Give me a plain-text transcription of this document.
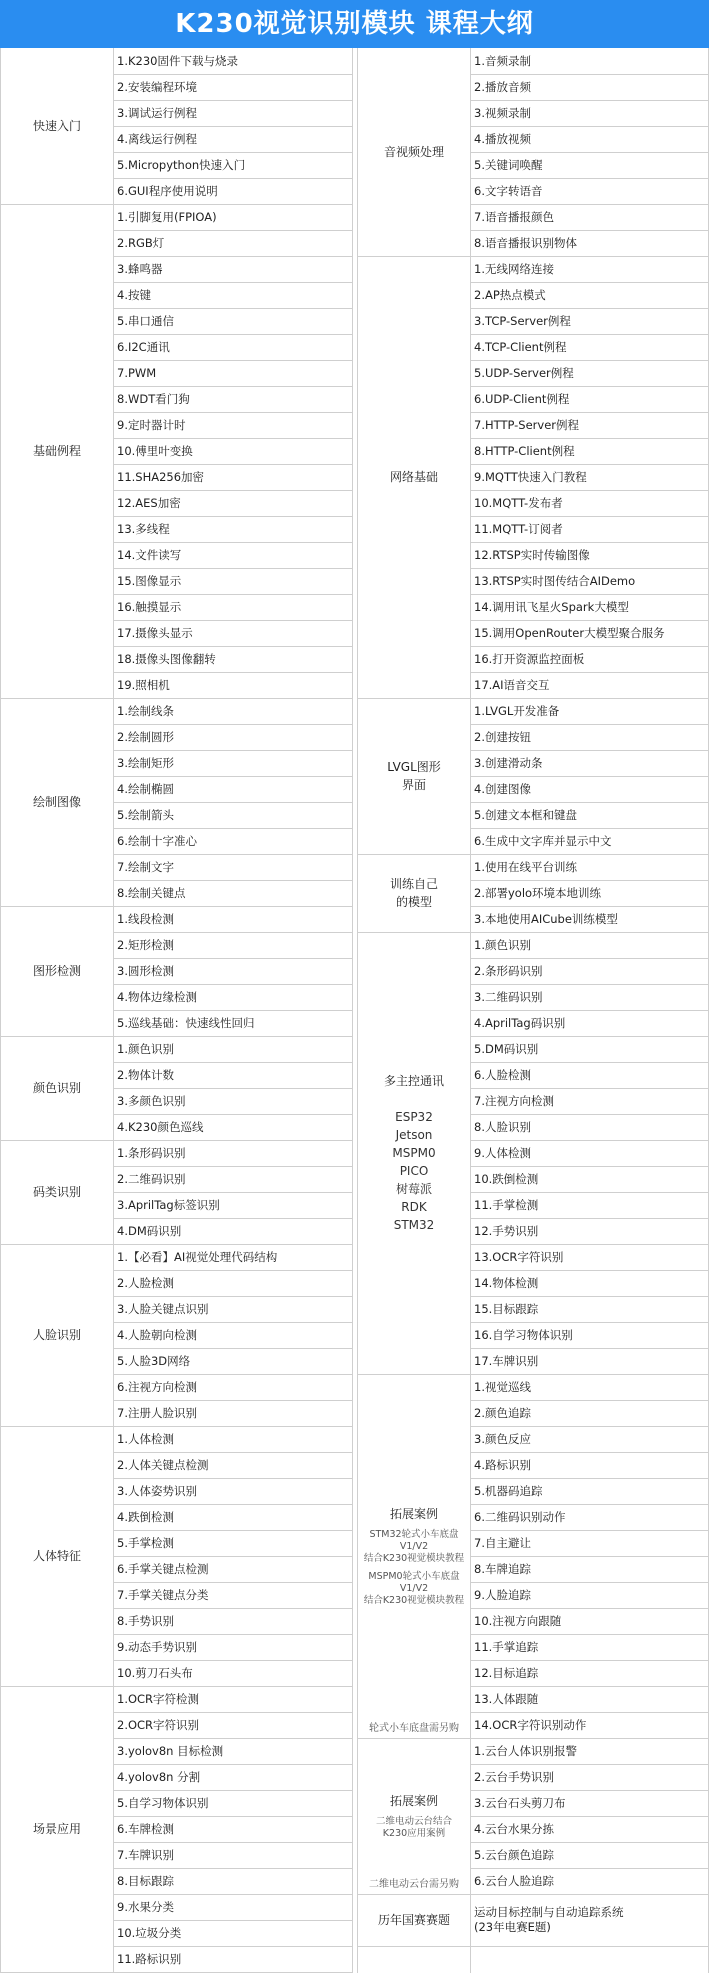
K230视觉识别模块 课程大纲
快速入门
1.K230固件下载与烧录
2.安装编程环境
3.调试运行例程
4.离线运行例程
5.Micropython快速入门
6.GUI程序使用说明
基础例程
1.引脚复用(FPIOA)
2.RGB灯
3.蜂鸣器
4.按键
5.串口通信
6.I2C通讯
7.PWM
8.WDT看门狗
9.定时器计时
10.傅里叶变换
11.SHA256加密
12.AES加密
13.多线程
14.文件读写
15.图像显示
16.触摸显示
17.摄像头显示
18.摄像头图像翻转
19.照相机
绘制图像
1.绘制线条
2.绘制圆形
3.绘制矩形
4.绘制椭圆
5.绘制箭头
6.绘制十字准心
7.绘制文字
8.绘制关键点
图形检测
1.线段检测
2.矩形检测
3.圆形检测
4.物体边缘检测
5.巡线基础：快速线性回归
颜色识别
1.颜色识别
2.物体计数
3.多颜色识别
4.K230颜色巡线
码类识别
1.条形码识别
2.二维码识别
3.AprilTag标签识别
4.DM码识别
人脸识别
1.【必看】AI视觉处理代码结构
2.人脸检测
3.人脸关键点识别
4.人脸朝向检测
5.人脸3D网络
6.注视方向检测
7.注册人脸识别
人体特征
1.人体检测
2.人体关键点检测
3.人体姿势识别
4.跌倒检测
5.手掌检测
6.手掌关键点检测
7.手掌关键点分类
8.手势识别
9.动态手势识别
10.剪刀石头布
场景应用
1.OCR字符检测
2.OCR字符识别
3.yolov8n 目标检测
4.yolov8n 分割
5.自学习物体识别
6.车牌检测
7.车牌识别
8.目标跟踪
9.水果分类
10.垃圾分类
11.路标识别
音视频处理
1.音频录制
2.播放音频
3.视频录制
4.播放视频
5.关键词唤醒
6.文字转语音
7.语音播报颜色
8.语音播报识别物体
网络基础
1.无线网络连接
2.AP热点模式
3.TCP-Server例程
4.TCP-Client例程
5.UDP-Server例程
6.UDP-Client例程
7.HTTP-Server例程
8.HTTP-Client例程
9.MQTT快速入门教程
10.MQTT-发布者
11.MQTT-订阅者
12.RTSP实时传输图像
13.RTSP实时图传结合AIDemo
14.调用讯飞星火Spark大模型
15.调用OpenRouter大模型聚合服务
16.打开资源监控面板
17.AI语音交互
LVGL图形
界面
1.LVGL开发准备
2.创建按钮
3.创建滑动条
4.创建图像
5.创建文本框和键盘
6.生成中文字库并显示中文
训练自己
的模型
1.使用在线平台训练
2.部署yolo环境本地训练
3.本地使用AICube训练模型
多主控通讯
ESP32
Jetson
MSPM0
PICO
树莓派
RDK
STM32
1.颜色识别
2.条形码识别
3.二维码识别
4.AprilTag码识别
5.DM码识别
6.人脸检测
7.注视方向检测
8.人脸识别
9.人体检测
10.跌倒检测
11.手掌检测
12.手势识别
13.OCR字符识别
14.物体检测
15.目标跟踪
16.自学习物体识别
17.车牌识别
拓展案例
STM32轮式小车底盘
V1/V2
结合K230视觉模块教程
MSPM0轮式小车底盘
V1/V2
结合K230视觉模块教程
轮式小车底盘需另购
1.视觉巡线
2.颜色追踪
3.颜色反应
4.路标识别
5.机器码追踪
6.二维码识别动作
7.自主避让
8.车牌追踪
9.人脸追踪
10.注视方向跟随
11.手掌追踪
12.目标追踪
13.人体跟随
14.OCR字符识别动作
拓展案例
二维电动云台结合
K230应用案例
二维电动云台需另购
1.云台人体识别报警
2.云台手势识别
3.云台石头剪刀布
4.云台水果分拣
5.云台颜色追踪
6.云台人脸追踪
历年国赛赛题
运动目标控制与自动追踪系统
(23年电赛E题)
